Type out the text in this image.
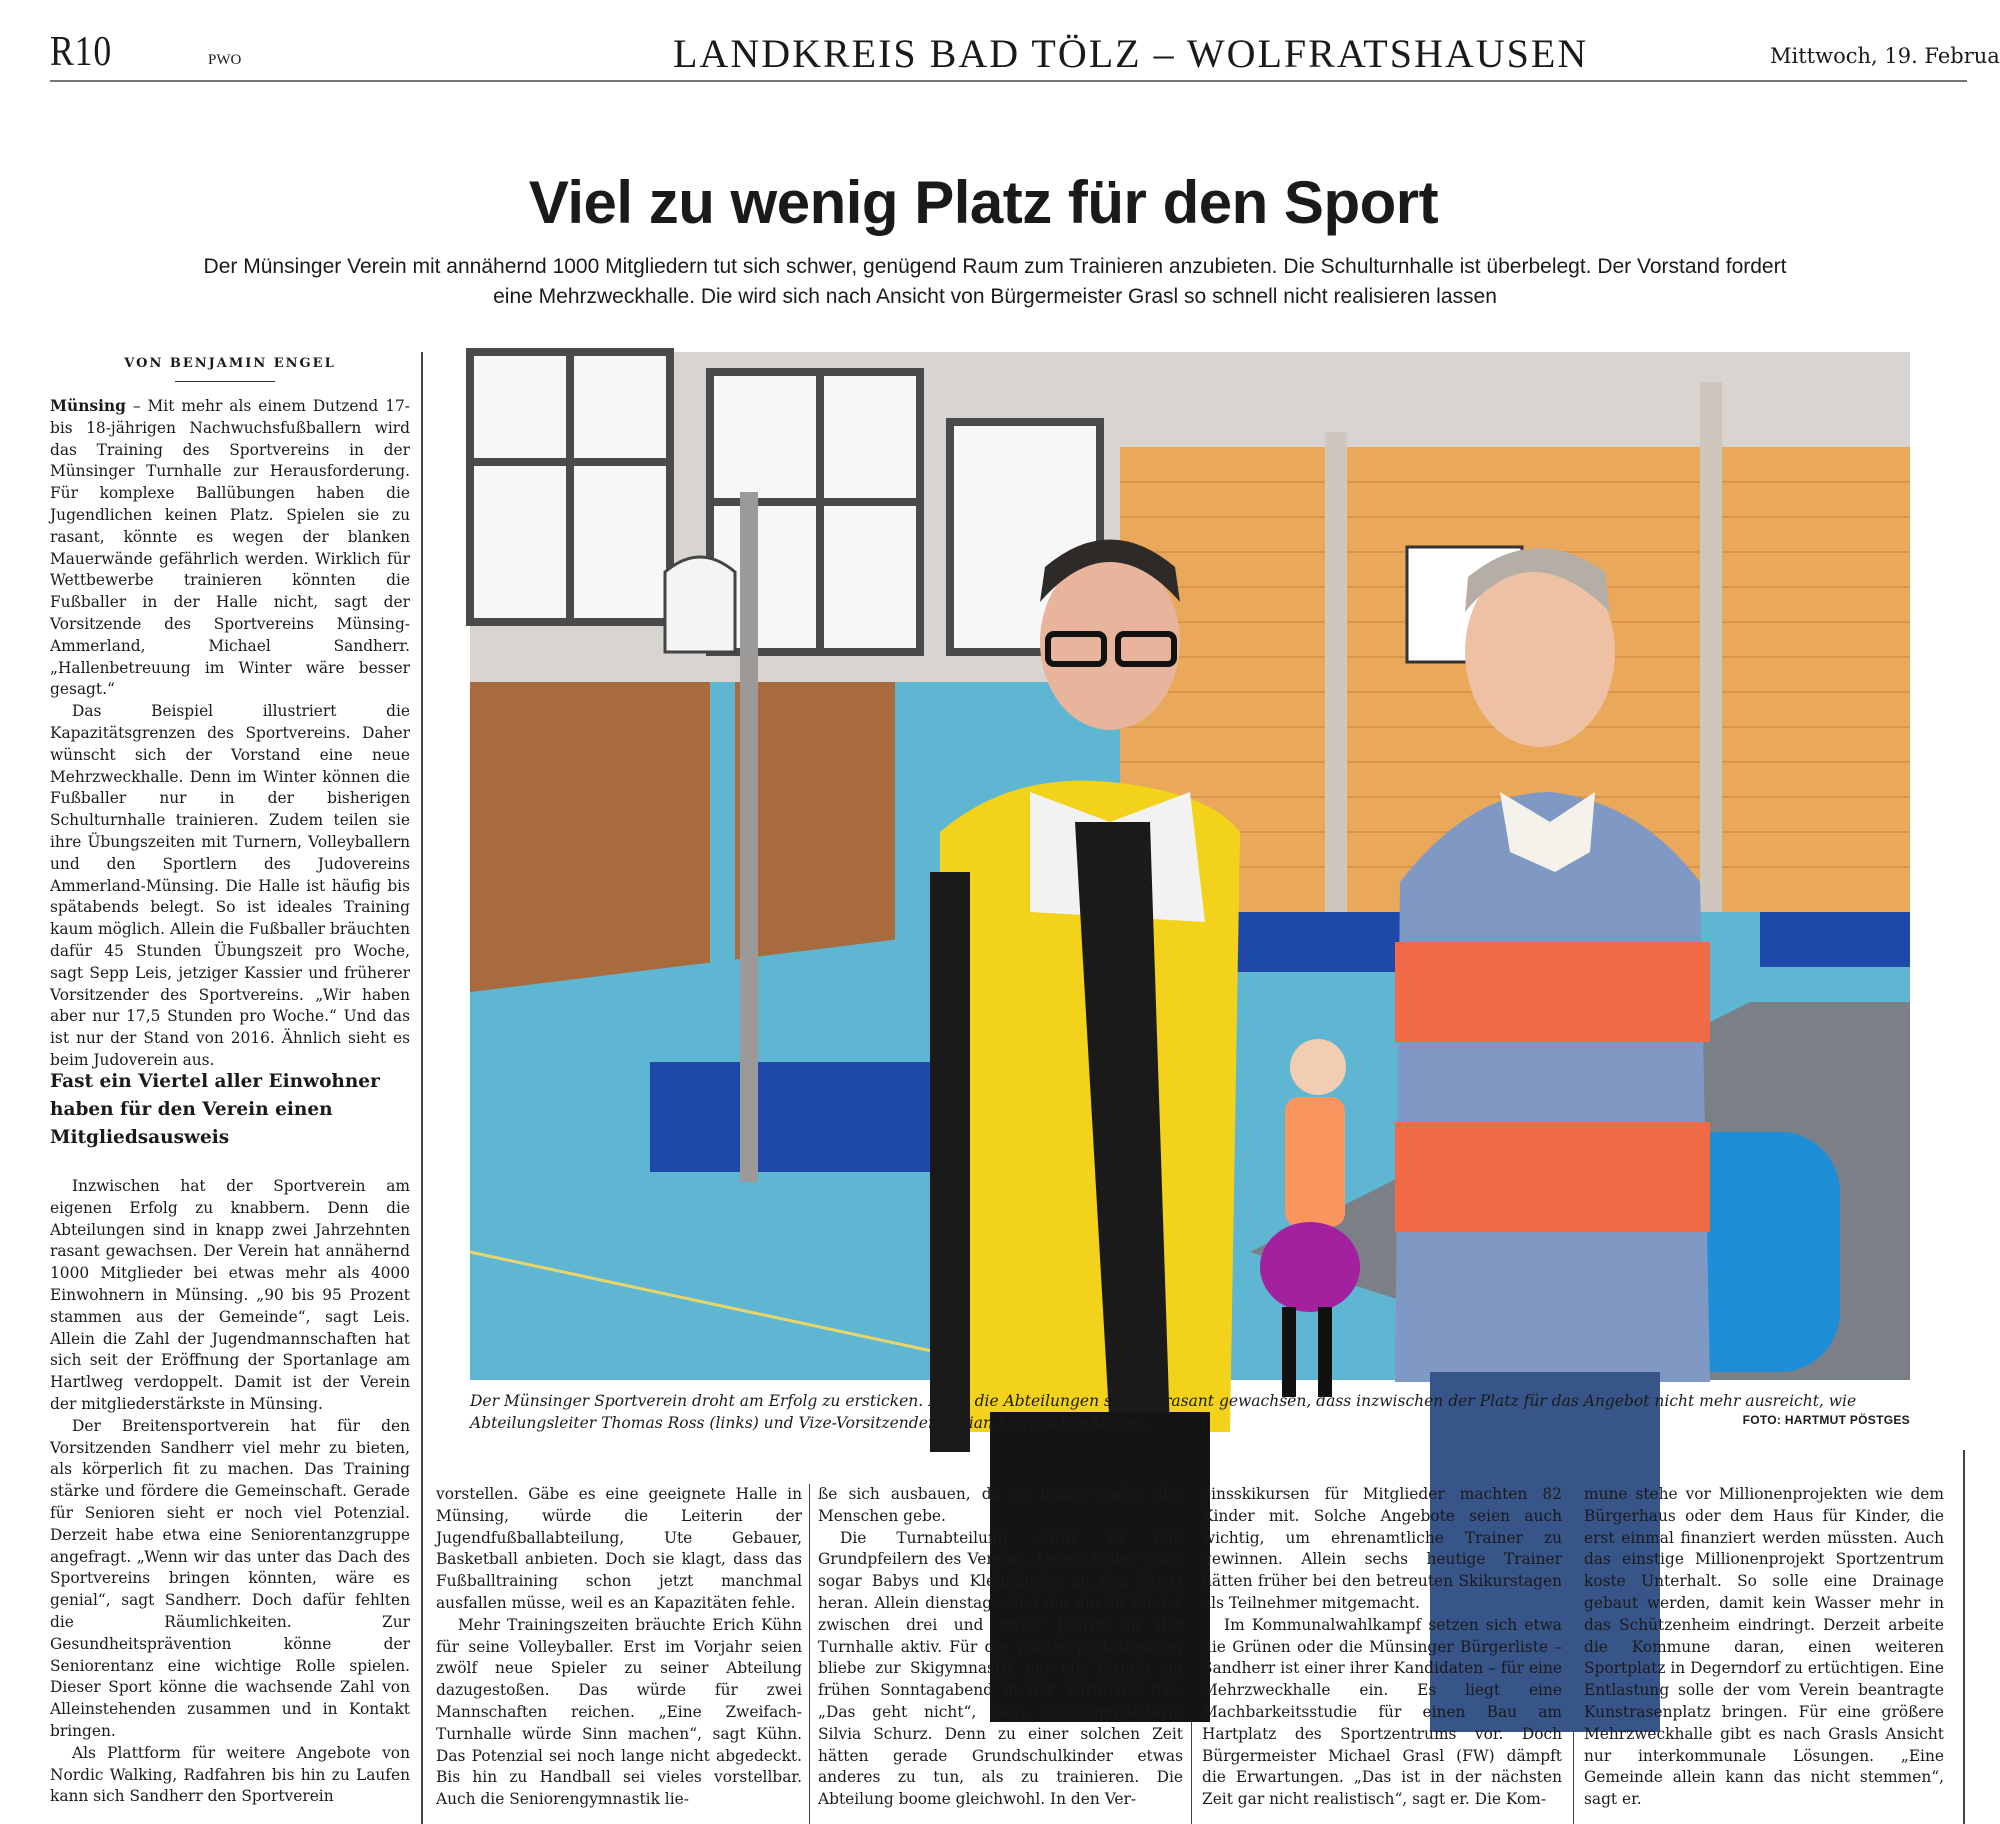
R10	PWO	LANDKREIS BAD TÖLZ – WOLFRATSHAUSEN	Mittwoch, 19. Februa
Viel zu wenig Platz für den Sport
Der Münsinger Verein mit annähernd 1000 Mitgliedern tut sich schwer, genügend Raum zum Trainieren anzubieten. Die Schulturnhalle ist überbelegt. Der Vorstand fordert eine Mehrzweckhalle. Die wird sich nach Ansicht von Bürgermeister Grasl so schnell nicht realisieren lassen
VON BENJAMIN ENGEL

Münsing – Mit mehr als einem Dutzend 17- bis 18-jährigen Nachwuchsfußballern wird das Training des Sportvereins in der Münsinger Turnhalle zur Herausforderung. Für komplexe Ballübungen haben die Jugendlichen keinen Platz. Spielen sie zu rasant, könnte es wegen der blanken Mauerwände gefährlich werden. Wirklich für Wettbewerbe trainieren könnten die Fußballer in der Halle nicht, sagt der Vorsitzende des Sportvereins Münsing-Ammerland, Michael Sandherr. „Hallenbetreuung im Winter wäre besser gesagt.“

Das Beispiel illustriert die Kapazitätsgrenzen des Sportvereins. Daher wünscht sich der Vorstand eine neue Mehrzweckhalle. Denn im Winter können die Fußballer nur in der bisherigen Schulturnhalle trainieren. Zudem teilen sie ihre Übungszeiten mit Turnern, Volleyballern und den Sportlern des Judovereins Ammerland-Münsing. Die Halle ist häufig bis spätabends belegt. So ist ideales Training kaum möglich. Allein die Fußballer bräuchten dafür 45 Stunden Übungszeit pro Woche, sagt Sepp Leis, jetziger Kassier und früherer Vorsitzender des Sportvereins. „Wir haben aber nur 17,5 Stunden pro Woche.“ Und das ist nur der Stand von 2016. Ähnlich sieht es beim Judoverein aus.

Fast ein Viertel aller Einwohner haben für den Verein einen Mitgliedsausweis

Inzwischen hat der Sportverein am eigenen Erfolg zu knabbern. Denn die Abteilungen sind in knapp zwei Jahrzehnten rasant gewachsen. Der Verein hat annähernd 1000 Mitglieder bei etwas mehr als 4000 Einwohnern in Münsing. „90 bis 95 Prozent stammen aus der Gemeinde“, sagt Leis. Allein die Zahl der Jugendmannschaften hat sich seit der Eröffnung der Sportanlage am Hartlweg verdoppelt. Damit ist der Verein der mitgliederstärkste in Münsing.

Der Breitensportverein hat für den Vorsitzenden Sandherr viel mehr zu bieten, als körperlich fit zu machen. Das Training stärke und fördere die Gemeinschaft. Gerade für Senioren sieht er noch viel Potenzial. Derzeit habe etwa eine Seniorentanzgruppe angefragt. „Wenn wir das unter das Dach des Sportvereins bringen könnten, wäre es genial“, sagt Sandherr. Doch dafür fehlten die Räumlichkeiten. Zur Gesundheitsprävention könne der Seniorentanz eine wichtige Rolle spielen. Dieser Sport könne die wachsende Zahl von Alleinstehenden zusammen und in Kontakt bringen.

Als Plattform für weitere Angebote von Nordic Walking, Radfahren bis hin zu Laufen kann sich Sandherr den Sportverein

Der Münsinger Sportverein droht am Erfolg zu ersticken. Denn die Abteilungen sind so rasant gewachsen, dass inzwischen der Platz für das Angebot nicht mehr ausreicht, wie Abteilungsleiter Thomas Ross (links) und Vize-Vorsitzender Adrian Miggisch erklären.	FOTO: HARTMUT PÖSTGES

vorstellen. Gäbe es eine geeignete Halle in Münsing, würde die Leiterin der Jugendfußballabteilung, Ute Gebauer, Basketball anbieten. Doch sie klagt, dass das Fußballtraining schon jetzt manchmal ausfallen müsse, weil es an Kapazitäten fehle.

Mehr Trainingszeiten bräuchte Erich Kühn für seine Volleyballer. Erst im Vorjahr seien zwölf neue Spieler zu seiner Abteilung dazugestoßen. Das würde für zwei Mannschaften reichen. „Eine Zweifach-Turnhalle würde Sinn machen“, sagt Kühn. Das Potenzial sei noch lange nicht abgedeckt. Bis hin zu Handball sei vieles vorstellbar. Auch die Seniorengymnastik lie-

ße sich ausbauen, da es immer mehr alte Menschen gebe.

Die Turnabteilung zählt zu den Grundpfeilern des Vereins. Deren Leiter führt sogar Babys und Kleinkinder an den Sport heran. Allein dienstags sind um die 50 Kinder zwischen drei und zwölf Jahren in der Turnhalle aktiv. Für die Wintersportabteilung bliebe zur Skigymnastik nur ein Termin am frühen Sonntagabend in der Turnhalle frei. „Das geht nicht“, sagt Abteilungsleiterin Silvia Schurz. Denn zu einer solchen Zeit hätten gerade Grundschulkinder etwas anderes zu tun, als zu trainieren. Die Abteilung boome gleichwohl. In den Ver-

einsskikursen für Mitglieder machten 82 Kinder mit. Solche Angebote seien auch wichtig, um ehrenamtliche Trainer zu gewinnen. Allein sechs heutige Trainer hätten früher bei den betreuten Skikurstagen als Teilnehmer mitgemacht.

Im Kommunalwahlkampf setzen sich etwa die Grünen oder die Münsinger Bürgerliste – Sandherr ist einer ihrer Kandidaten – für eine Mehrzweckhalle ein. Es liegt eine Machbarkeitsstudie für einen Bau am Hartplatz des Sportzentrums vor. Doch Bürgermeister Michael Grasl (FW) dämpft die Erwartungen. „Das ist in der nächsten Zeit gar nicht realistisch“, sagt er. Die Kom-

mune stehe vor Millionenprojekten wie dem Bürgerhaus oder dem Haus für Kinder, die erst einmal finanziert werden müssten. Auch das einstige Millionenprojekt Sportzentrum koste Unterhalt. So solle eine Drainage gebaut werden, damit kein Wasser mehr in das Schützenheim eindringt. Derzeit arbeite die Kommune daran, einen weiteren Sportplatz in Degerndorf zu ertüchtigen. Eine Entlastung solle der vom Verein beantragte Kunstrasenplatz bringen. Für eine größere Mehrzweckhalle gibt es nach Grasls Ansicht nur interkommunale Lösungen. „Eine Gemeinde allein kann das nicht stemmen“, sagt er.
